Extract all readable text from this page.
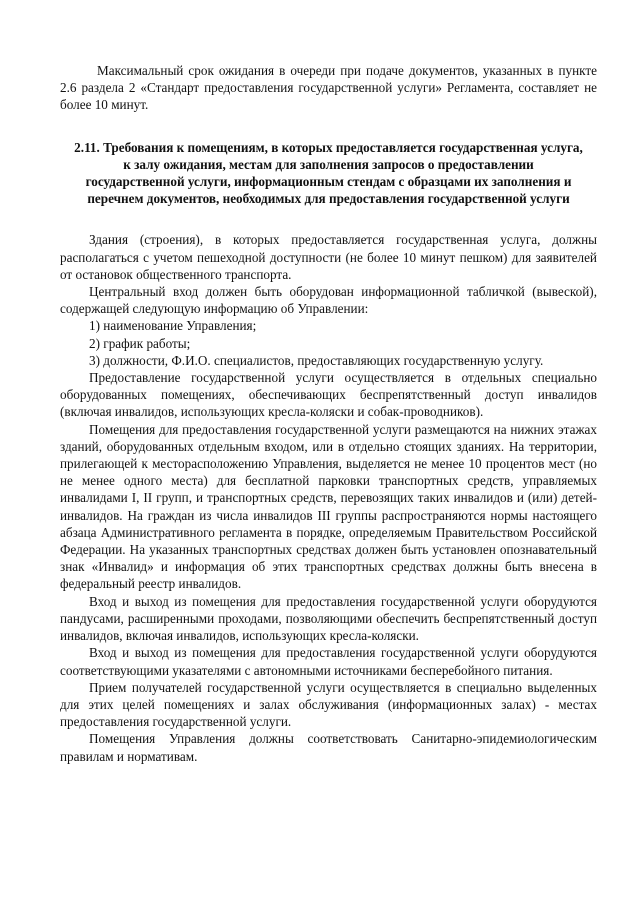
Максимальный срок ожидания в очереди при подаче документов, указанных в пункте 2.6 раздела 2 «Стандарт предоставления государственной услуги» Регламента, составляет не более 10 минут.

2.11. Требования к помещениям, в которых предоставляется государственная услуга, к залу ожидания, местам для заполнения запросов о предоставлении государственной услуги, информационным стендам с образцами их заполнения и перечнем документов, необходимых для предоставления государственной услуги

Здания (строения), в которых предоставляется государственная услуга, должны располагаться с учетом пешеходной доступности (не более 10 минут пешком) для заявителей от остановок общественного транспорта.

Центральный вход должен быть оборудован информационной табличкой (вывеской), содержащей следующую информацию об Управлении:

1) наименование Управления;

2) график работы;

3) должности, Ф.И.О. специалистов, предоставляющих государственную услугу.

Предоставление государственной услуги осуществляется в отдельных специально оборудованных помещениях, обеспечивающих беспрепятственный доступ инвалидов (включая инвалидов, использующих кресла-коляски и собак-проводников).

Помещения для предоставления государственной услуги размещаются на нижних этажах зданий, оборудованных отдельным входом, или в отдельно стоящих зданиях. На территории, прилегающей к месторасположению Управления, выделяется не менее 10 процентов мест (но не менее одного места) для бесплатной парковки транспортных средств, управляемых инвалидами I, II групп, и транспортных средств, перевозящих таких инвалидов и (или) детей-инвалидов. На граждан из числа инвалидов III группы распространяются нормы настоящего абзаца Административного регламента в порядке, определяемым Правительством Российской Федерации. На указанных транспортных средствах должен быть установлен опознавательный знак «Инвалид» и информация об этих транспортных средствах должны быть внесена в федеральный реестр инвалидов.

Вход и выход из помещения для предоставления государственной услуги оборудуются пандусами, расширенными проходами, позволяющими обеспечить беспрепятственный доступ инвалидов, включая инвалидов, использующих кресла-коляски.

Вход и выход из помещения для предоставления государственной услуги оборудуются соответствующими указателями с автономными источниками бесперебойного питания.

Прием получателей государственной услуги осуществляется в специально выделенных для этих целей помещениях и залах обслуживания (информационных залах) - местах предоставления государственной услуги.

Помещения Управления должны соответствовать Санитарно-эпидемиологическим правилам и нормативам.
